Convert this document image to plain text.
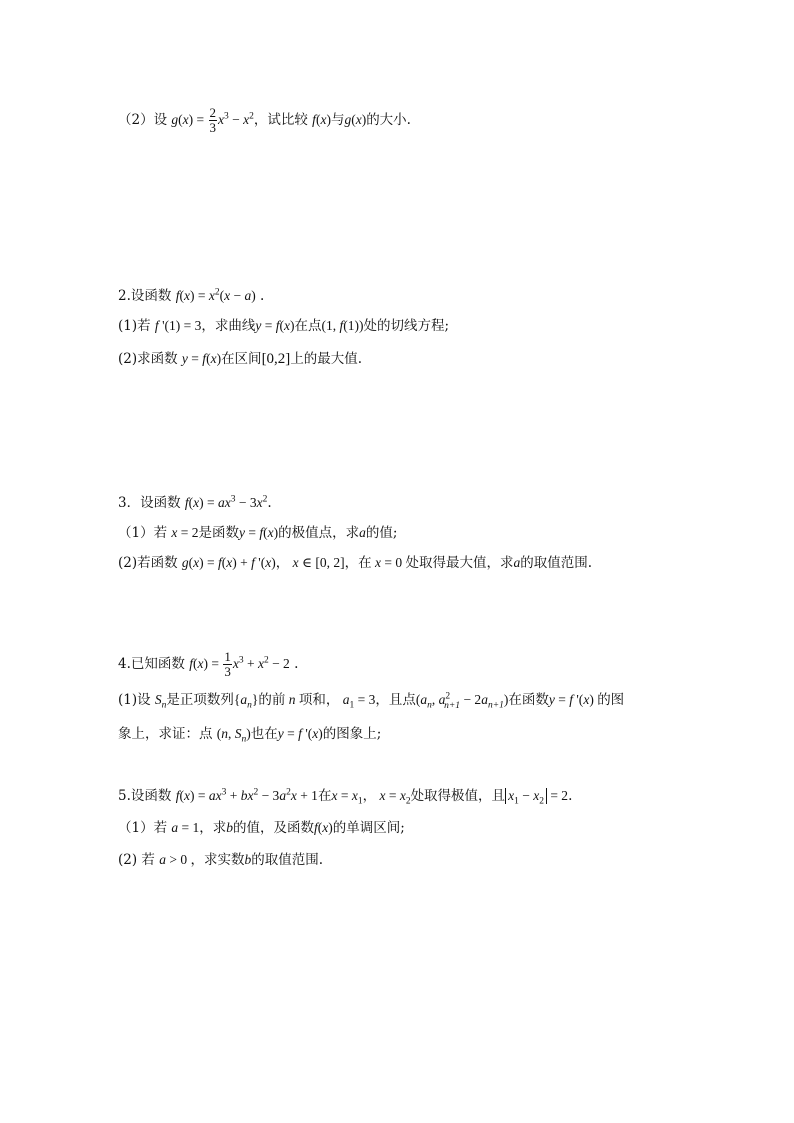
（2）设 $g(x) = \frac{2}{3} x^3 - x^2$，试比较 f(x)与g(x)的大小.
2.设函数 $f(x) = x^2(x - a)$ .
(1)若 f '(1) = 3，求曲线y = f(x)在点(1, f(1))处的切线方程;
(2)求函数 y = f(x)在区间[0,2]上的最大值.
3．设函数 $f(x) = ax^3 - 3x^2$.
（1）若 x = 2是函数y = f(x)的极值点，求a的值;
(2)若函数 g(x) = f(x) + f '(x)， x ∈ [0, 2]，在 x = 0 处取得最大值，求a的取值范围.
4.已知函数 $f(x) = \frac{1}{3} x^3 + x^2 - 2$ .
(1)设 $S_n$是正项数列$\{a_n\}$的前 n 项和， $a_1 = 3$，且点($a_n$, $a^2_{n+1} - 2a_{n+1}$)在函数y = f '(x) 的图
象上，求证：点 (n, $S_n$)也在y = f '(x)的图象上;
5.设函数 $f(x) = ax^3 + bx^2 - 3a^2x + 1$在$x = x_1$， $x = x_2$处取得极值，且 $x_1 - x_2 = 2$.
（1）若 a = 1，求b的值，及函数f(x)的单调区间;
(2) 若 a > 0 ，求实数b的取值范围.
